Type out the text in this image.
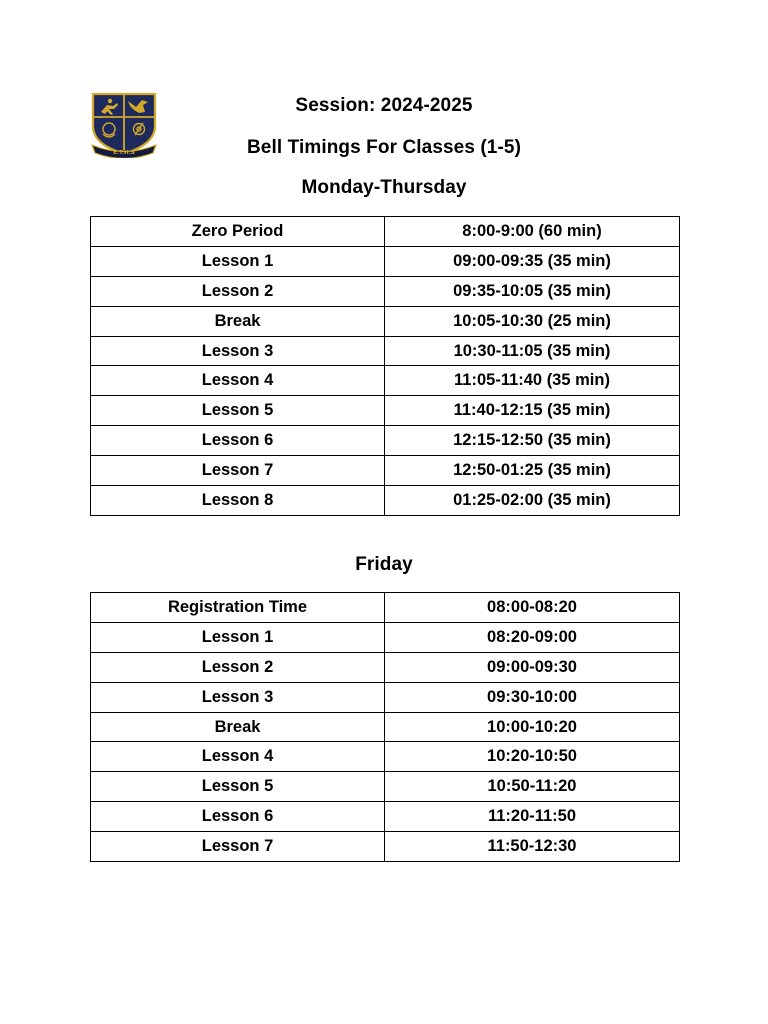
E.T.H.S
Session: 2024-2025
Bell Timings For Classes (1-5)
Monday-Thursday
Zero Period	8:00-9:00 (60 min)
Lesson 1	09:00-09:35 (35 min)
Lesson 2	09:35-10:05 (35 min)
Break	10:05-10:30 (25 min)
Lesson 3	10:30-11:05 (35 min)
Lesson 4	11:05-11:40 (35 min)
Lesson 5	11:40-12:15 (35 min)
Lesson 6	12:15-12:50 (35 min)
Lesson 7	12:50-01:25 (35 min)
Lesson 8	01:25-02:00 (35 min)
Friday
Registration Time	08:00-08:20
Lesson 1	08:20-09:00
Lesson 2	09:00-09:30
Lesson 3	09:30-10:00
Break	10:00-10:20
Lesson 4	10:20-10:50
Lesson 5	10:50-11:20
Lesson 6	11:20-11:50
Lesson 7	11:50-12:30
